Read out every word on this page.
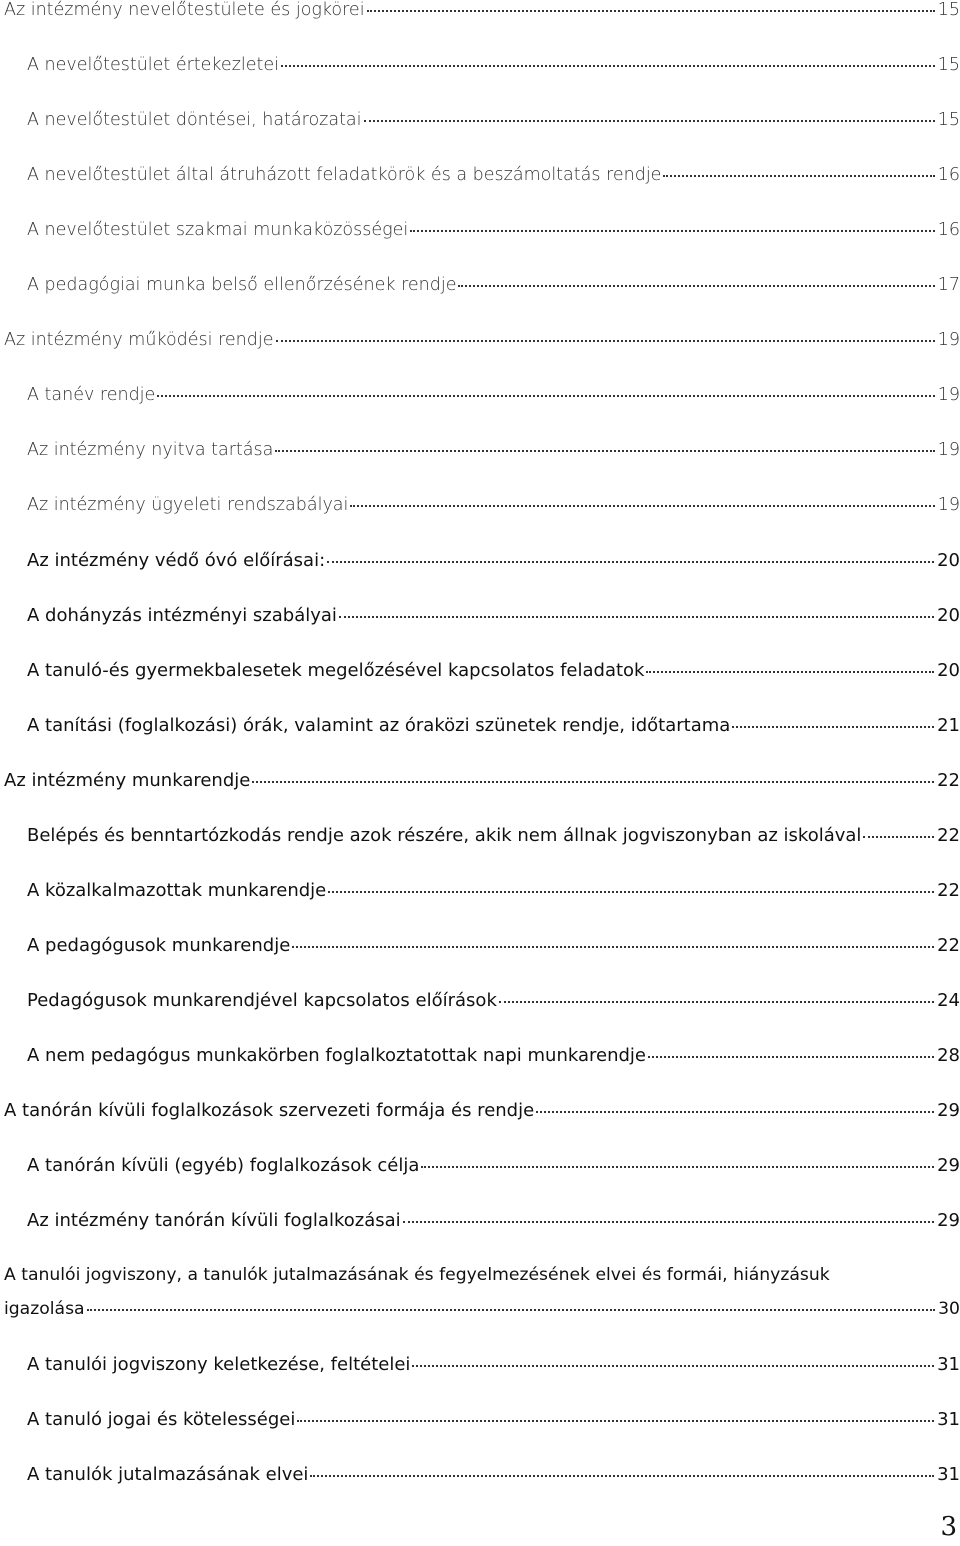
Az intézmény nevelőtestülete és jogkörei	15
A nevelőtestület értekezletei	15
A nevelőtestület döntései, határozatai	15
A nevelőtestület által átruházott feladatkörök és a beszámoltatás rendje	16
A nevelőtestület szakmai munkaközösségei	16
A pedagógiai munka belső ellenőrzésének rendje	17
Az intézmény működési rendje	19
A tanév rendje	19
Az intézmény nyitva tartása	19
Az intézmény ügyeleti rendszabályai	19
Az intézmény védő óvó előírásai:	20
A dohányzás intézményi szabályai	20
A tanuló-és gyermekbalesetek megelőzésével kapcsolatos feladatok	20
A tanítási (foglalkozási) órák, valamint az óraközi szünetek rendje, időtartama	21
Az intézmény munkarendje	22
Belépés és benntartózkodás rendje azok részére, akik nem állnak jogviszonyban az iskolával	22
A közalkalmazottak munkarendje	22
A pedagógusok munkarendje	22
Pedagógusok munkarendjével kapcsolatos előírások	24
A nem pedagógus munkakörben foglalkoztatottak napi munkarendje	28
A tanórán kívüli foglalkozások szervezeti formája és rendje	29
A tanórán kívüli (egyéb) foglalkozások célja	29
Az intézmény tanórán kívüli foglalkozásai	29
A tanulói jogviszony, a tanulók jutalmazásának és fegyelmezésének elvei és formái, hiányzásuk
igazolása	30
A tanulói jogviszony keletkezése, feltételei	31
A tanuló jogai és kötelességei	31
A tanulók jutalmazásának elvei	31
3
